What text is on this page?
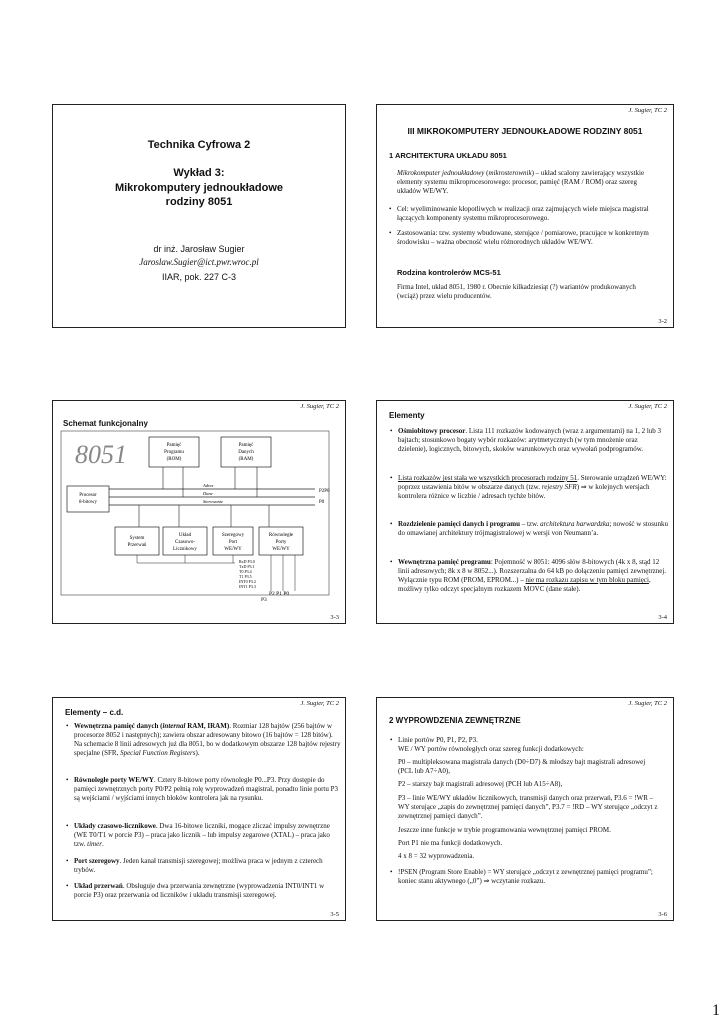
Technika Cyfrowa 2
Wykład 3:
Mikrokomputery jednoukładowe
rodziny 8051
dr inż. Jarosław Sugier
Jaroslaw.Sugier@ict.pwr.wroc.pl
IIAR, pok. 227 C-3
J. Sugier, TC 2
III MIKROKOMPUTERY JEDNOUKŁADOWE RODZINY 8051
1 ARCHITEKTURA UKŁADU 8051
Mikrokomputer jednoukładowy (mikrosterownik) – układ scalony zawierający wszystkie elementy systemu mikroprocesorowego: procesor, pamięć (RAM / ROM) oraz szereg układów WE/WY.
• Cel: wyeliminowanie kłopotliwych w realizacji oraz zajmujących wiele miejsca magistral łączących komponenty systemu mikroprocesorowego.
• Zastosowania: tzw. systemy wbudowane, sterujące / pomiarowe, pracujące w konkretnym środowisku – ważna obecność wielu różnorodnych układów WE/WY.
Rodzina kontrolerów MCS-51
Firma Intel, układ 8051, 1980 r. Obecnie kilkadziesiąt (?) wariantów produkowanych (wciąż) przez wielu producentów.
3-2
J. Sugier, TC 2
Schemat funkcjonalny
8051	Pamięć
Programu
(ROM)
Pamięć
Danych
(RAM)
Procesor
8-bitowy
Adres
Dane
Sterowanie
P2P0
P0
System
Przerwań
Układ
Czasowo-
Licznikowy
Szeregowy
Port
WE/WY
Równoległe
Porty
WE/WY
RxD P3.0
TxD P3.1
T0 P3.4
T1 P3.5
INT0 P3.2
INT1 P3.3
P2 P1 P0
P3
3-3
J. Sugier, TC 2
Elementy
• Ośmiobitowy procesor. Lista 111 rozkazów kodowanych (wraz z argumentami) na 1, 2 lub 3 bajtach; stosunkowo bogaty wybór rozkazów: arytmetycznych (w tym mnożenie oraz dzielenie), logicznych, bitowych, skoków warunkowych oraz wywołań podprogramów.
• Lista rozkazów jest stała we wszystkich procesorach rodziny 51. Sterowanie urządzeń WE/WY: poprzez ustawienia bitów w obszarze danych (tzw. rejestry SFR) ⇒ w kolejnych wersjach kontrolera różnice w liczbie / adresach tychże bitów.
• Rozdzielenie pamięci danych i programu – tzw. architektura harwardzka; nowość w stosunku do omawianej architektury trójmagistralowej w wersji von Neumann’a.
• Wewnętrzna pamięć programu: Pojemność w 8051: 4096 słów 8-bitowych (4k x 8, stąd 12 linii adresowych; 8k x 8 w 8052...). Rozszerzalna do 64 kB po dołączeniu pamięci zewnętrznej. Wyłącznie typu ROM (PROM, EPROM...) – nie ma rozkazu zapisu w tym bloku pamięci, możliwy tylko odczyt specjalnym rozkazem MOVC (dane stałe).
3-4
J. Sugier, TC 2
Elementy – c.d.
• Wewnętrzna pamięć danych (internal RAM, IRAM). Rozmiar 128 bajtów (256 bajtów w procesorze 8052 i następnych); zawiera obszar adresowany bitowo (16 bajtów = 128 bitów). Na schemacie 8 linii adresowych już dla 8051, bo w dodatkowym obszarze 128 bajtów rejestry specjalne (SFR, Special Function Registers).
• Równoległe porty WE/WY. Cztery 8-bitowe porty równoległe P0...P3. Przy dostępie do pamięci zewnętrznych porty P0/P2 pełnią rolę wyprowadzeń magistral, ponadto linie portu P3 są wejściami / wyjściami innych bloków kontrolera jak na rysunku.
• Układy czasowo-licznikowe. Dwa 16-bitowe liczniki, mogące zliczać impulsy zewnętrzne (WE T0/T1 w porcie P3) – praca jako licznik – lub impulsy zegarowe (XTAL) – praca jako tzw. timer.
• Port szeregowy. Jeden kanał transmisji szeregowej; możliwa praca w jednym z czterech trybów.
• Układ przerwań. Obsługuje dwa przerwania zewnętrzne (wyprowadzenia INT0/INT1 w porcie P3) oraz przerwania od liczników i układu transmisji szeregowej.
3-5
J. Sugier, TC 2
2 WYPROWDZENIA ZEWNĘTRZNE
• Linie portów P0, P1, P2, P3.
WE / WY portów równoległych oraz szereg funkcji dodatkowych:
P0 – multipleksowana magistrala danych (D0÷D7) & młodszy bajt magistrali adresowej (PCL lub A7÷A0),
P2 – starszy bajt magistrali adresowej (PCH lub A15÷A8),
P3 – linie WE/WY układów licznikowych, transmisji danych oraz przerwań, P3.6 = !WR – WY sterujące „zapis do zewnętrznej pamięci danych”, P3.7 = !RD – WY sterujące „odczyt z zewnętrznej pamięci danych”.
Jeszcze inne funkcje w trybie programowania wewnętrznej pamięci PROM.
Port P1 nie ma funkcji dodatkowych.
4 x 8 = 32 wyprowadzenia.
• !PSEN (Program Store Enable) = WY sterujące „odczyt z zewnętrznej pamięci programu”; koniec stanu aktywnego („0”) ⇒ wczytanie rozkazu.
3-6
1
